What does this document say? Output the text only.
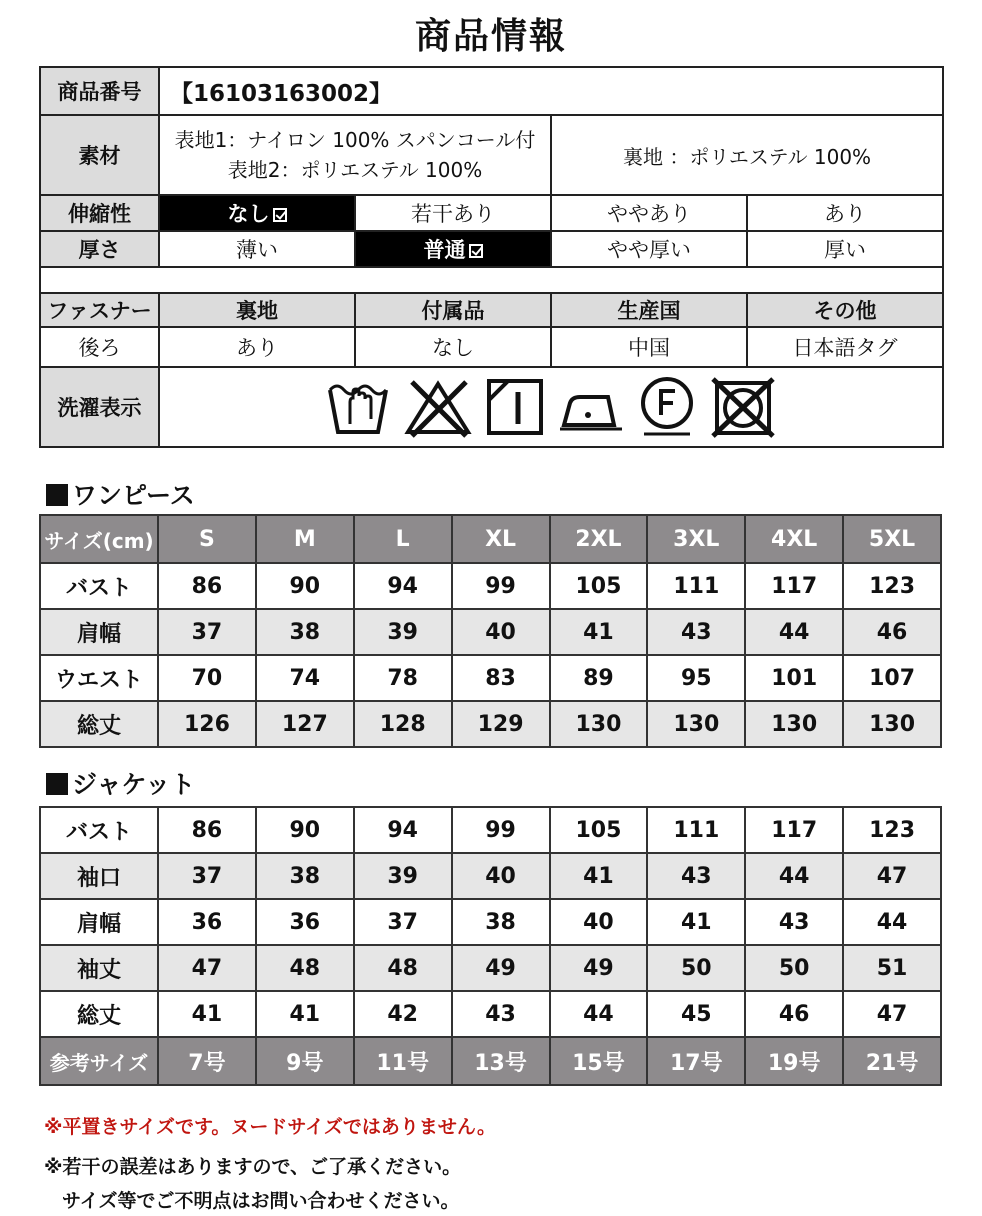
商品情報
商品番号	【16103163002】			
素材	表地1：ナイロン 100% スパンコール付
表地2：ポリエステル 100%		裏地 ：ポリエステル 100%	
伸縮性	なし	若干あり	ややあり	あり
厚さ	薄い	普通	やや厚い	厚い

ファスナー	裏地	付属品	生産国	その他
後ろ	あり	なし	中国	日本語タグ
洗濯表示	
ワンピース
サイズ(cm)	S	M	L	XL	2XL	3XL	4XL	5XL
バスト	86	90	94	99	105	111	117	123
肩幅	37	38	39	40	41	43	44	46
ウエスト	70	74	78	83	89	95	101	107
総丈	126	127	128	129	130	130	130	130
ジャケット
バスト	86	90	94	99	105	111	117	123
袖口	37	38	39	40	41	43	44	47
肩幅	36	36	37	38	40	41	43	44
袖丈	47	48	48	49	49	50	50	51
総丈	41	41	42	43	44	45	46	47
参考サイズ	7号	9号	11号	13号	15号	17号	19号	21号
※平置きサイズです。ヌードサイズではありません。
※若干の誤差はありますので、ご了承ください。
サイズ等でご不明点はお問い合わせください。
